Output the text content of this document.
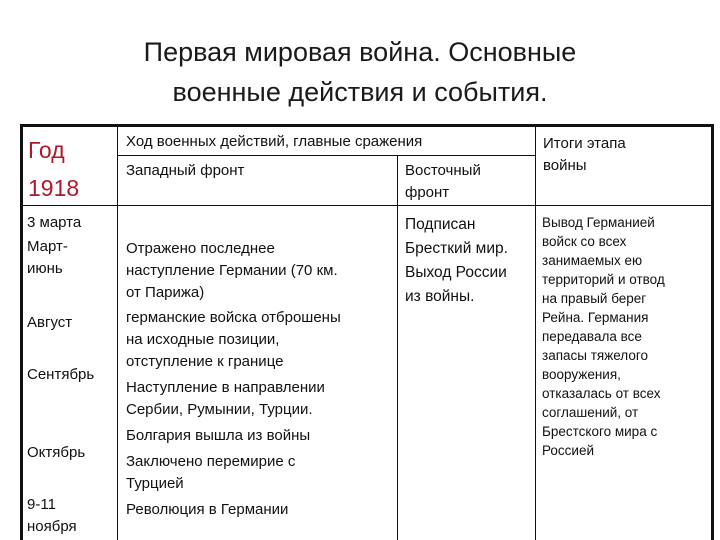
Первая мировая война. Основные
военные действия и события.
Год
1918
Ход военных действий, главные сражения
Западный фронт	Восточный
фронт
Итоги этапа
войны
3 марта
Март-
июнь
Август
Сентябрь
Октябрь
9-11
ноября
Отражено последнее
наступление Германии (70 км.
от Парижа)
германские войска отброшены
на исходные позиции,
отступление к границе
Наступление в направлении
Сербии, Румынии, Турции.
Болгария вышла из войны
Заключено перемирие с
Турцией
Революция в Германии
Подписан
Бресткий мир.
Выход России
из войны.
Вывод Германией
войск со всех
занимаемых ею
территорий и отвод
на правый берег
Рейна. Германия
передавала все
запасы тяжелого
вооружения,
отказалась от всех
соглашений, от
Брестского мира с
Россией
